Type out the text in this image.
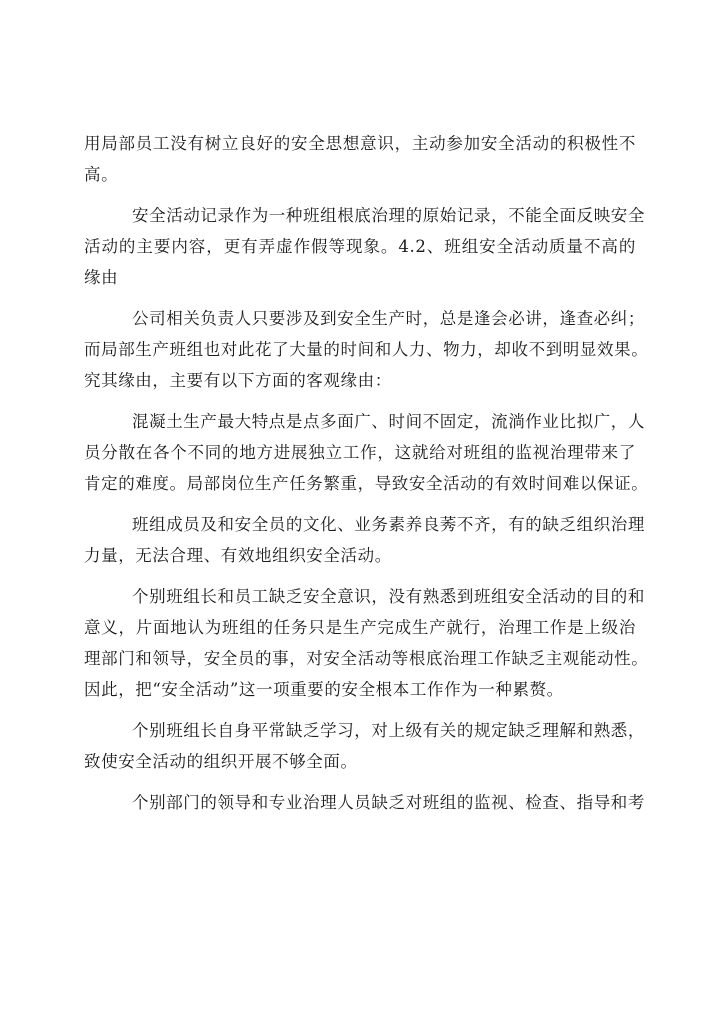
用局部员工没有树立良好的安全思想意识，主动参加安全活动的积极性不
高。
安全活动记录作为一种班组根底治理的原始记录，不能全面反映安全
活动的主要内容，更有弄虚作假等现象。4.2、班组安全活动质量不高的
缘由
公司相关负责人只要涉及到安全生产时，总是逢会必讲，逢查必纠；
而局部生产班组也对此花了大量的时间和人力、物力，却收不到明显效果。
究其缘由，主要有以下方面的客观缘由：
混凝土生产最大特点是点多面广、时间不固定，流淌作业比拟广，人
员分散在各个不同的地方进展独立工作，这就给对班组的监视治理带来了
肯定的难度。局部岗位生产任务繁重，导致安全活动的有效时间难以保证。
班组成员及和安全员的文化、业务素养良莠不齐，有的缺乏组织治理
力量，无法合理、有效地组织安全活动。
个别班组长和员工缺乏安全意识，没有熟悉到班组安全活动的目的和
意义，片面地认为班组的任务只是生产完成生产就行，治理工作是上级治
理部门和领导，安全员的事，对安全活动等根底治理工作缺乏主观能动性。
因此，把“安全活动”这一项重要的安全根本工作作为一种累赘。
个别班组长自身平常缺乏学习，对上级有关的规定缺乏理解和熟悉，
致使安全活动的组织开展不够全面。
个别部门的领导和专业治理人员缺乏对班组的监视、检查、指导和考
